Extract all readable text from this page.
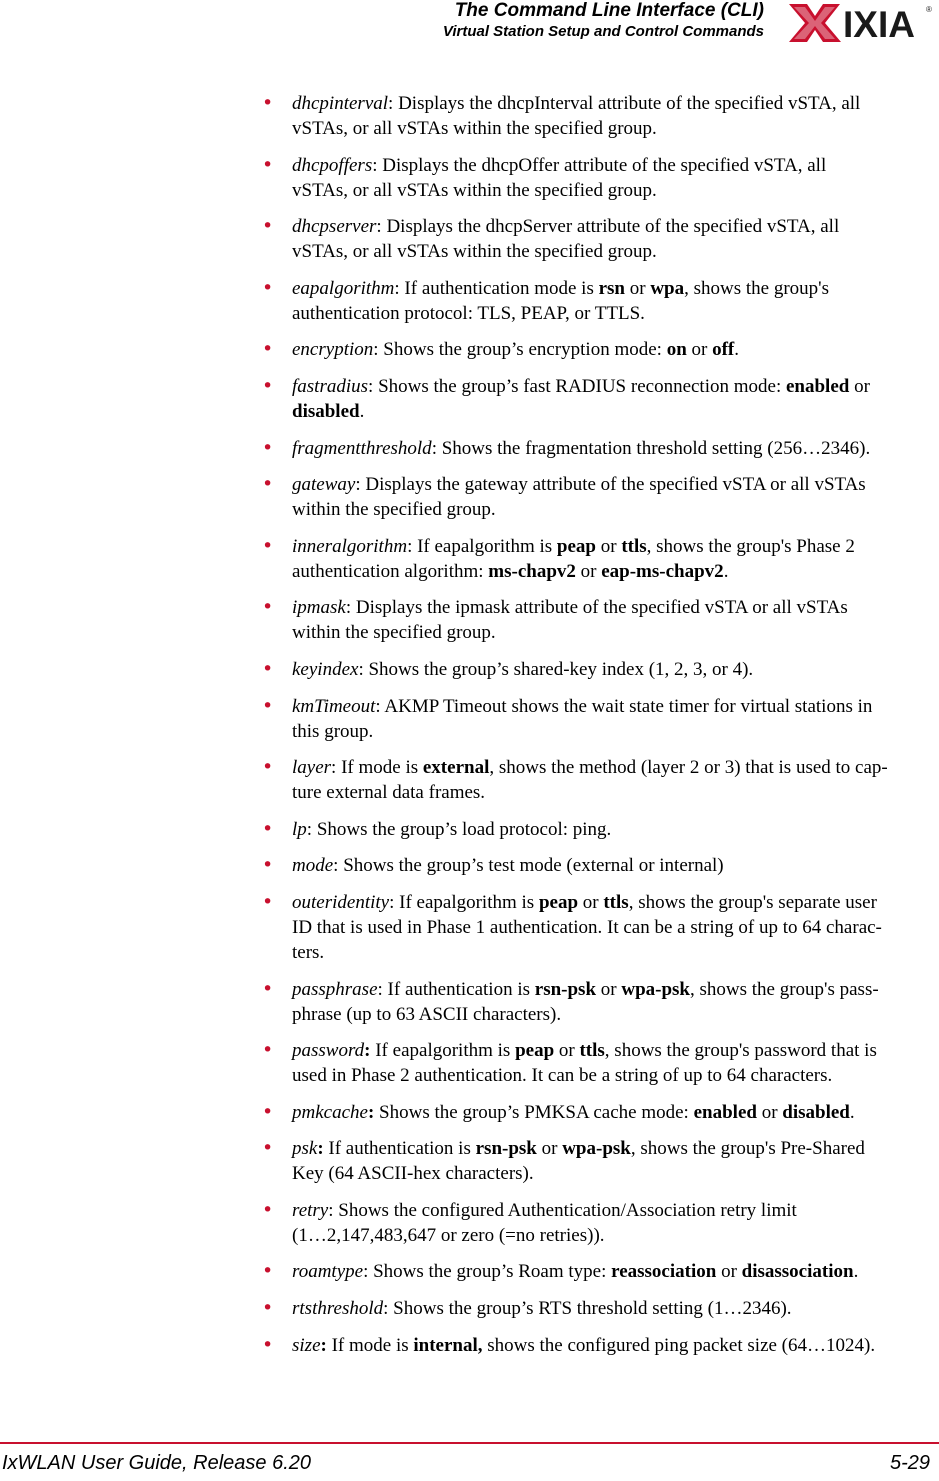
The Command Line Interface (CLI)
Virtual Station Setup and Control Commands IXIA ®
• dhcpinterval: Displays the dhcpInterval attribute of the specified vSTA, all
vSTAs, or all vSTAs within the specified group.
• dhcpoffers: Displays the dhcpOffer attribute of the specified vSTA, all
vSTAs, or all vSTAs within the specified group.
• dhcpserver: Displays the dhcpServer attribute of the specified vSTA, all
vSTAs, or all vSTAs within the specified group.
• eapalgorithm: If authentication mode is rsn or wpa, shows the group's
authentication protocol: TLS, PEAP, or TTLS.
• encryption: Shows the group’s encryption mode: on or off.
• fastradius: Shows the group’s fast RADIUS reconnection mode: enabled or
disabled.
• fragmentthreshold: Shows the fragmentation threshold setting (256…2346).
• gateway: Displays the gateway attribute of the specified vSTA or all vSTAs
within the specified group.
• inneralgorithm: If eapalgorithm is peap or ttls, shows the group's Phase 2
authentication algorithm: ms-chapv2 or eap-ms-chapv2.
• ipmask: Displays the ipmask attribute of the specified vSTA or all vSTAs
within the specified group.
• keyindex: Shows the group’s shared-key index (1, 2, 3, or 4).
• kmTimeout: AKMP Timeout shows the wait state timer for virtual stations in
this group.
• layer: If mode is external, shows the method (layer 2 or 3) that is used to cap-
ture external data frames.
• lp: Shows the group’s load protocol: ping.
• mode: Shows the group’s test mode (external or internal)
• outeridentity: If eapalgorithm is peap or ttls, shows the group's separate user
ID that is used in Phase 1 authentication. It can be a string of up to 64 charac-
ters.
• passphrase: If authentication is rsn-psk or wpa-psk, shows the group's pass-
phrase (up to 63 ASCII characters).
• password: If eapalgorithm is peap or ttls, shows the group's password that is
used in Phase 2 authentication. It can be a string of up to 64 characters.
• pmkcache: Shows the group’s PMKSA cache mode: enabled or disabled.
• psk: If authentication is rsn-psk or wpa-psk, shows the group's Pre-Shared
Key (64 ASCII-hex characters).
• retry: Shows the configured Authentication/Association retry limit
(1…2,147,483,647 or zero (=no retries)).
• roamtype: Shows the group’s Roam type: reassociation or disassociation.
• rtsthreshold: Shows the group’s RTS threshold setting (1…2346).
• size: If mode is internal, shows the configured ping packet size (64…1024).
IxWLAN User Guide, Release 6.20	5-29
